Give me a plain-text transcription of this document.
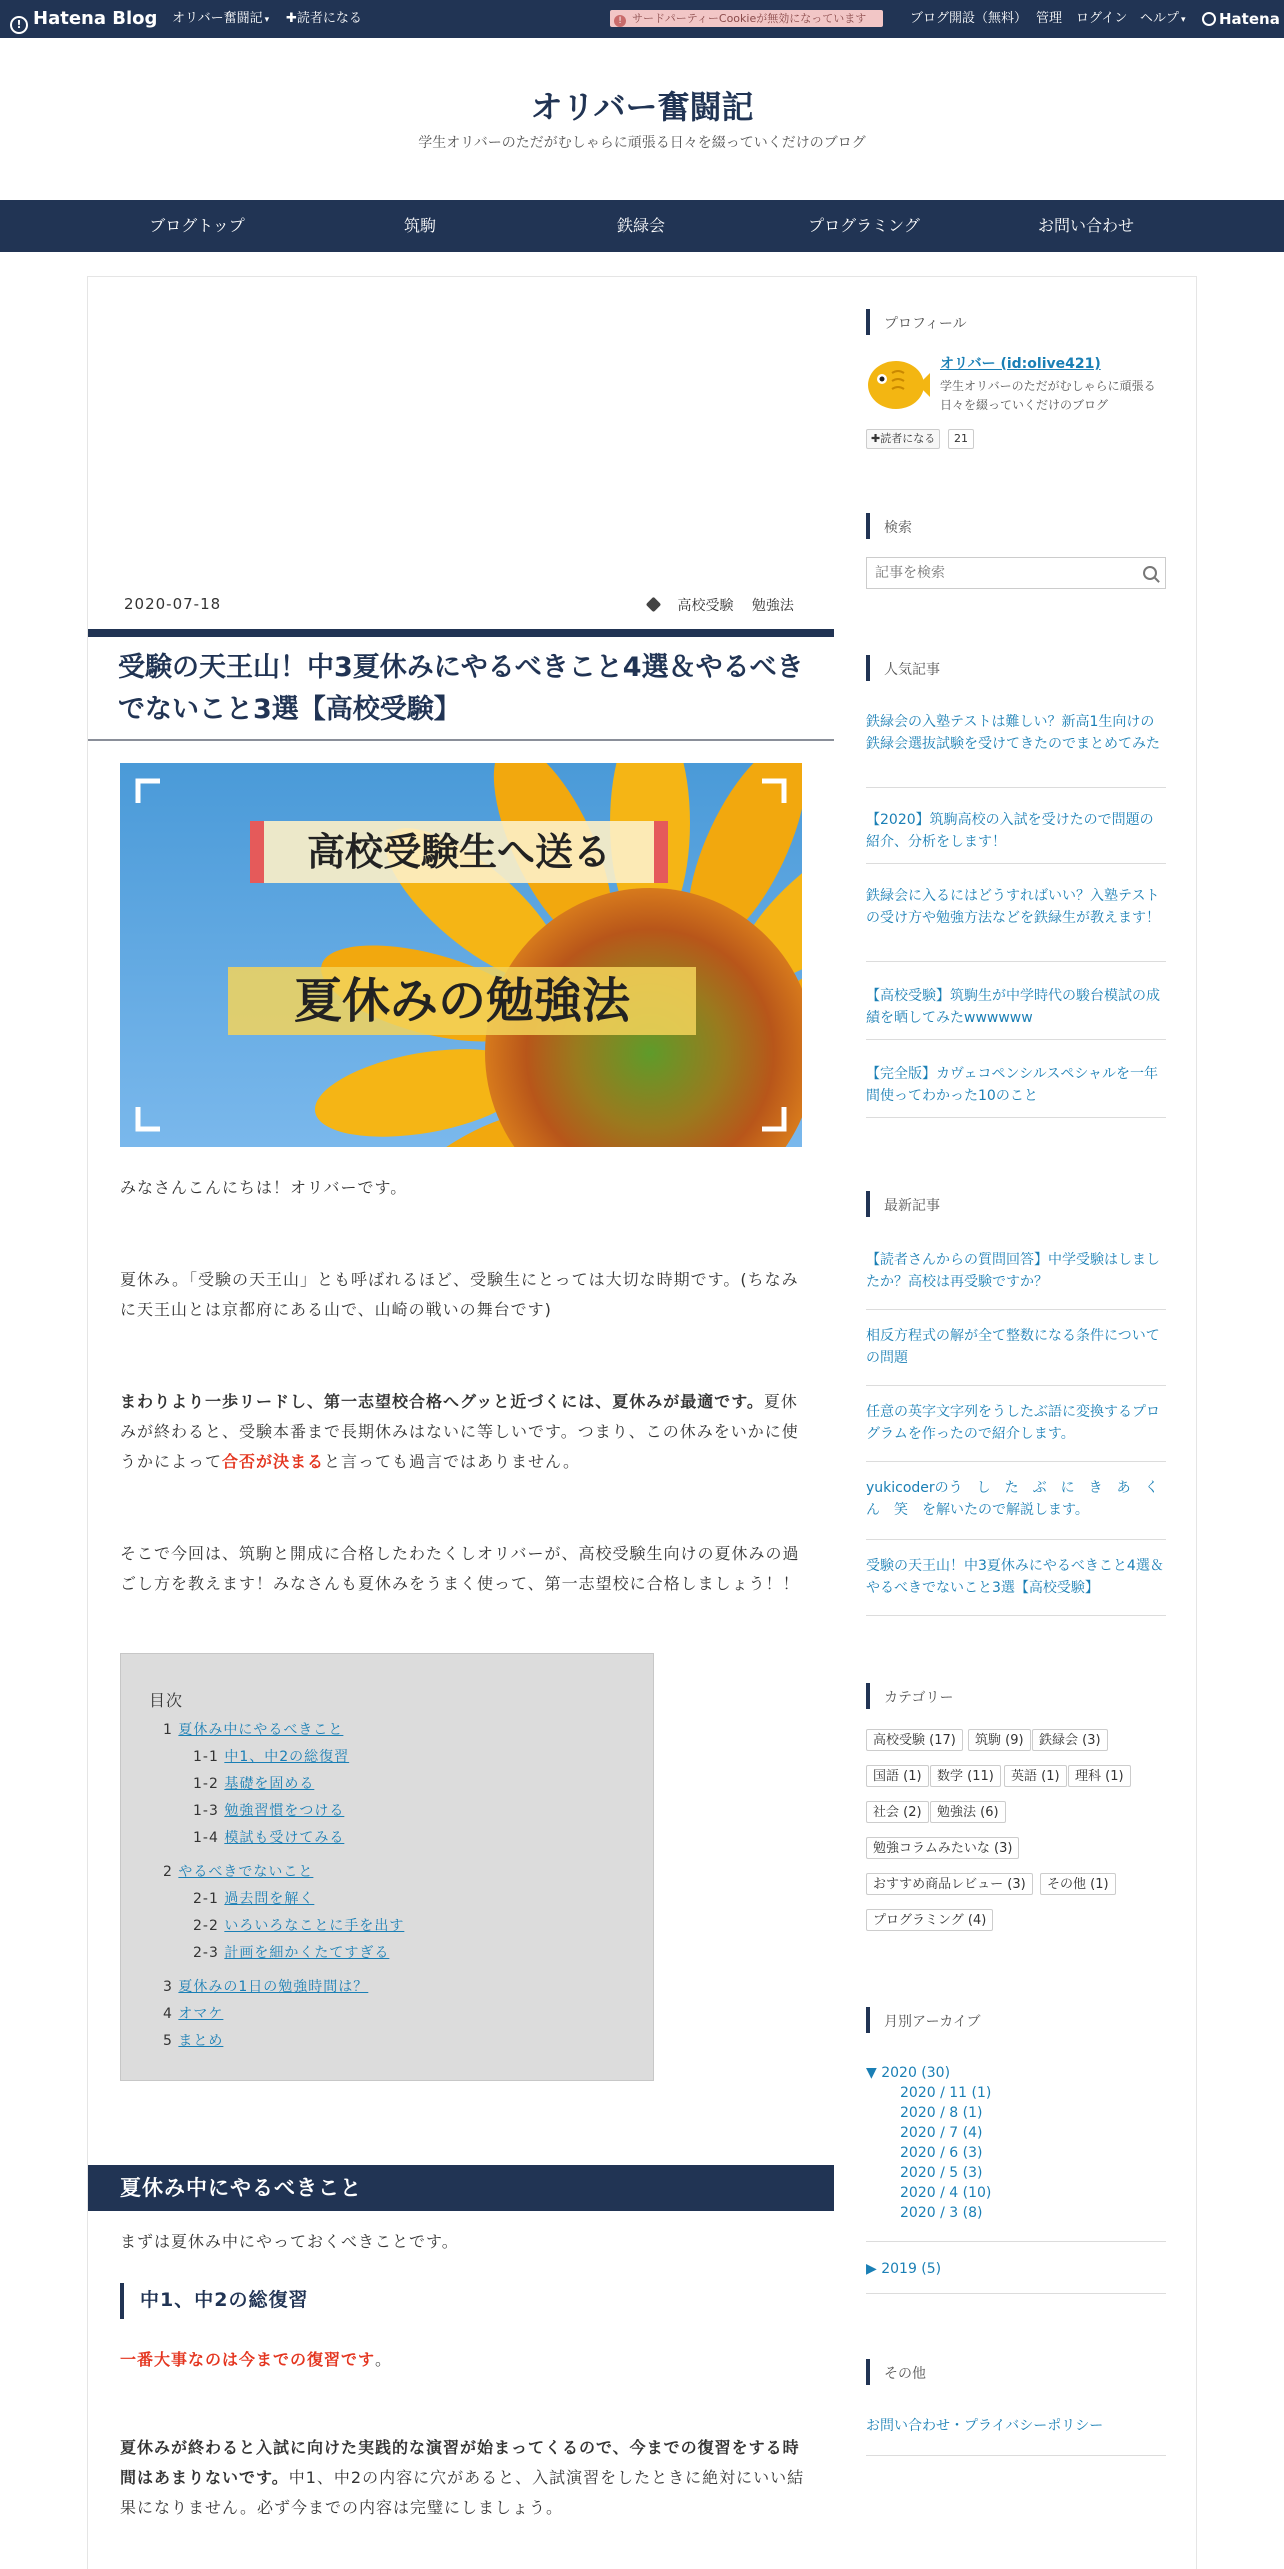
! Hatena Blog オリバー奮闘記 ▾ ✚読者になる	! サードパーティーCookieが無効になっています	ブログ開設（無料） 管理 ログイン ヘルプ ▾	Hatena
オリバー奮闘記
学生オリバーのただがむしゃらに頑張る日々を綴っていくだけのブログ
ブログトップ	筑駒	鉄緑会	プログラミング	お問い合わせ
2020-07-18	高校受験 勉強法
受験の天王山！中3夏休みにやるべきこと4選＆やるべきでないこと3選【高校受験】
高校受験生へ送る
夏休みの勉強法
みなさんこんにちは！オリバーです。
夏休み。「受験の天王山」とも呼ばれるほど、受験生にとっては大切な時期です。(ちなみに天王山とは京都府にある山で、山崎の戦いの舞台です)
まわりより一歩リードし、第一志望校合格へグッと近づくには、夏休みが最適です。夏休みが終わると、受験本番まで長期休みはないに等しいです。つまり、この休みをいかに使うかによって合否が決まると言っても過言ではありません。
そこで今回は、筑駒と開成に合格したわたくしオリバーが、高校受験生向けの夏休みの過ごし方を教えます！みなさんも夏休みをうまく使って、第一志望校に合格しましょう！！
目次
1 夏休み中にやるべきこと
1-1 中1、中2の総復習
1-2 基礎を固める
1-3 勉強習慣をつける
1-4 模試も受けてみる
2 やるべきでないこと
2-1 過去問を解く
2-2 いろいろなことに手を出す
2-3 計画を細かくたてすぎる
3 夏休みの1日の勉強時間は？
4 オマケ
5 まとめ
夏休み中にやるべきこと
まずは夏休み中にやっておくべきことです。
中1、中2の総復習
一番大事なのは今までの復習です。
夏休みが終わると入試に向けた実践的な演習が始まってくるので、今までの復習をする時間はあまりないです。中1、中2の内容に穴があると、入試演習をしたときに絶対にいい結果になりません。必ず今までの内容は完璧にしましょう。
プロフィール
オリバー (id:olive421)
学生オリバーのただがむしゃらに頑張る日々を綴っていくだけのブログ
✚読者になる	21
検索
記事を検索
人気記事
鉄緑会の入塾テストは難しい？新高1生向けの鉄緑会選抜試験を受けてきたのでまとめてみた
【2020】筑駒高校の入試を受けたので問題の紹介、分析をします！
鉄緑会に入るにはどうすればいい？入塾テストの受け方や勉強方法などを鉄緑生が教えます！
【高校受験】筑駒生が中学時代の駿台模試の成績を晒してみたwwwwww
【完全版】カヴェコペンシルスペシャルを一年間使ってわかった10のこと
最新記事
【読者さんからの質問回答】中学受験はしましたか？高校は再受験ですか？
相反方程式の解が全て整数になる条件についての問題
任意の英字文字列をうしたぶ語に変換するプログラムを作ったので紹介します。
yukicoderのう　し　た　ぶ　に　き　あ　く　ん　笑　を解いたので解説します。
受験の天王山！中3夏休みにやるべきこと4選＆やるべきでないこと3選【高校受験】
カテゴリー
高校受験 (17)	筑駒 (9)	鉄緑会 (3)
国語 (1)	数学 (11)	英語 (1)	理科 (1)
社会 (2)	勉強法 (6)
勉強コラムみたいな (3)
おすすめ商品レビュー (3)	その他 (1)
プログラミング (4)
月別アーカイブ
▼ 2020 (30)
2020 / 11 (1)
2020 / 8 (1)
2020 / 7 (4)
2020 / 6 (3)
2020 / 5 (3)
2020 / 4 (10)
2020 / 3 (8)
▶ 2019 (5)
その他
お問い合わせ・プライバシーポリシー
